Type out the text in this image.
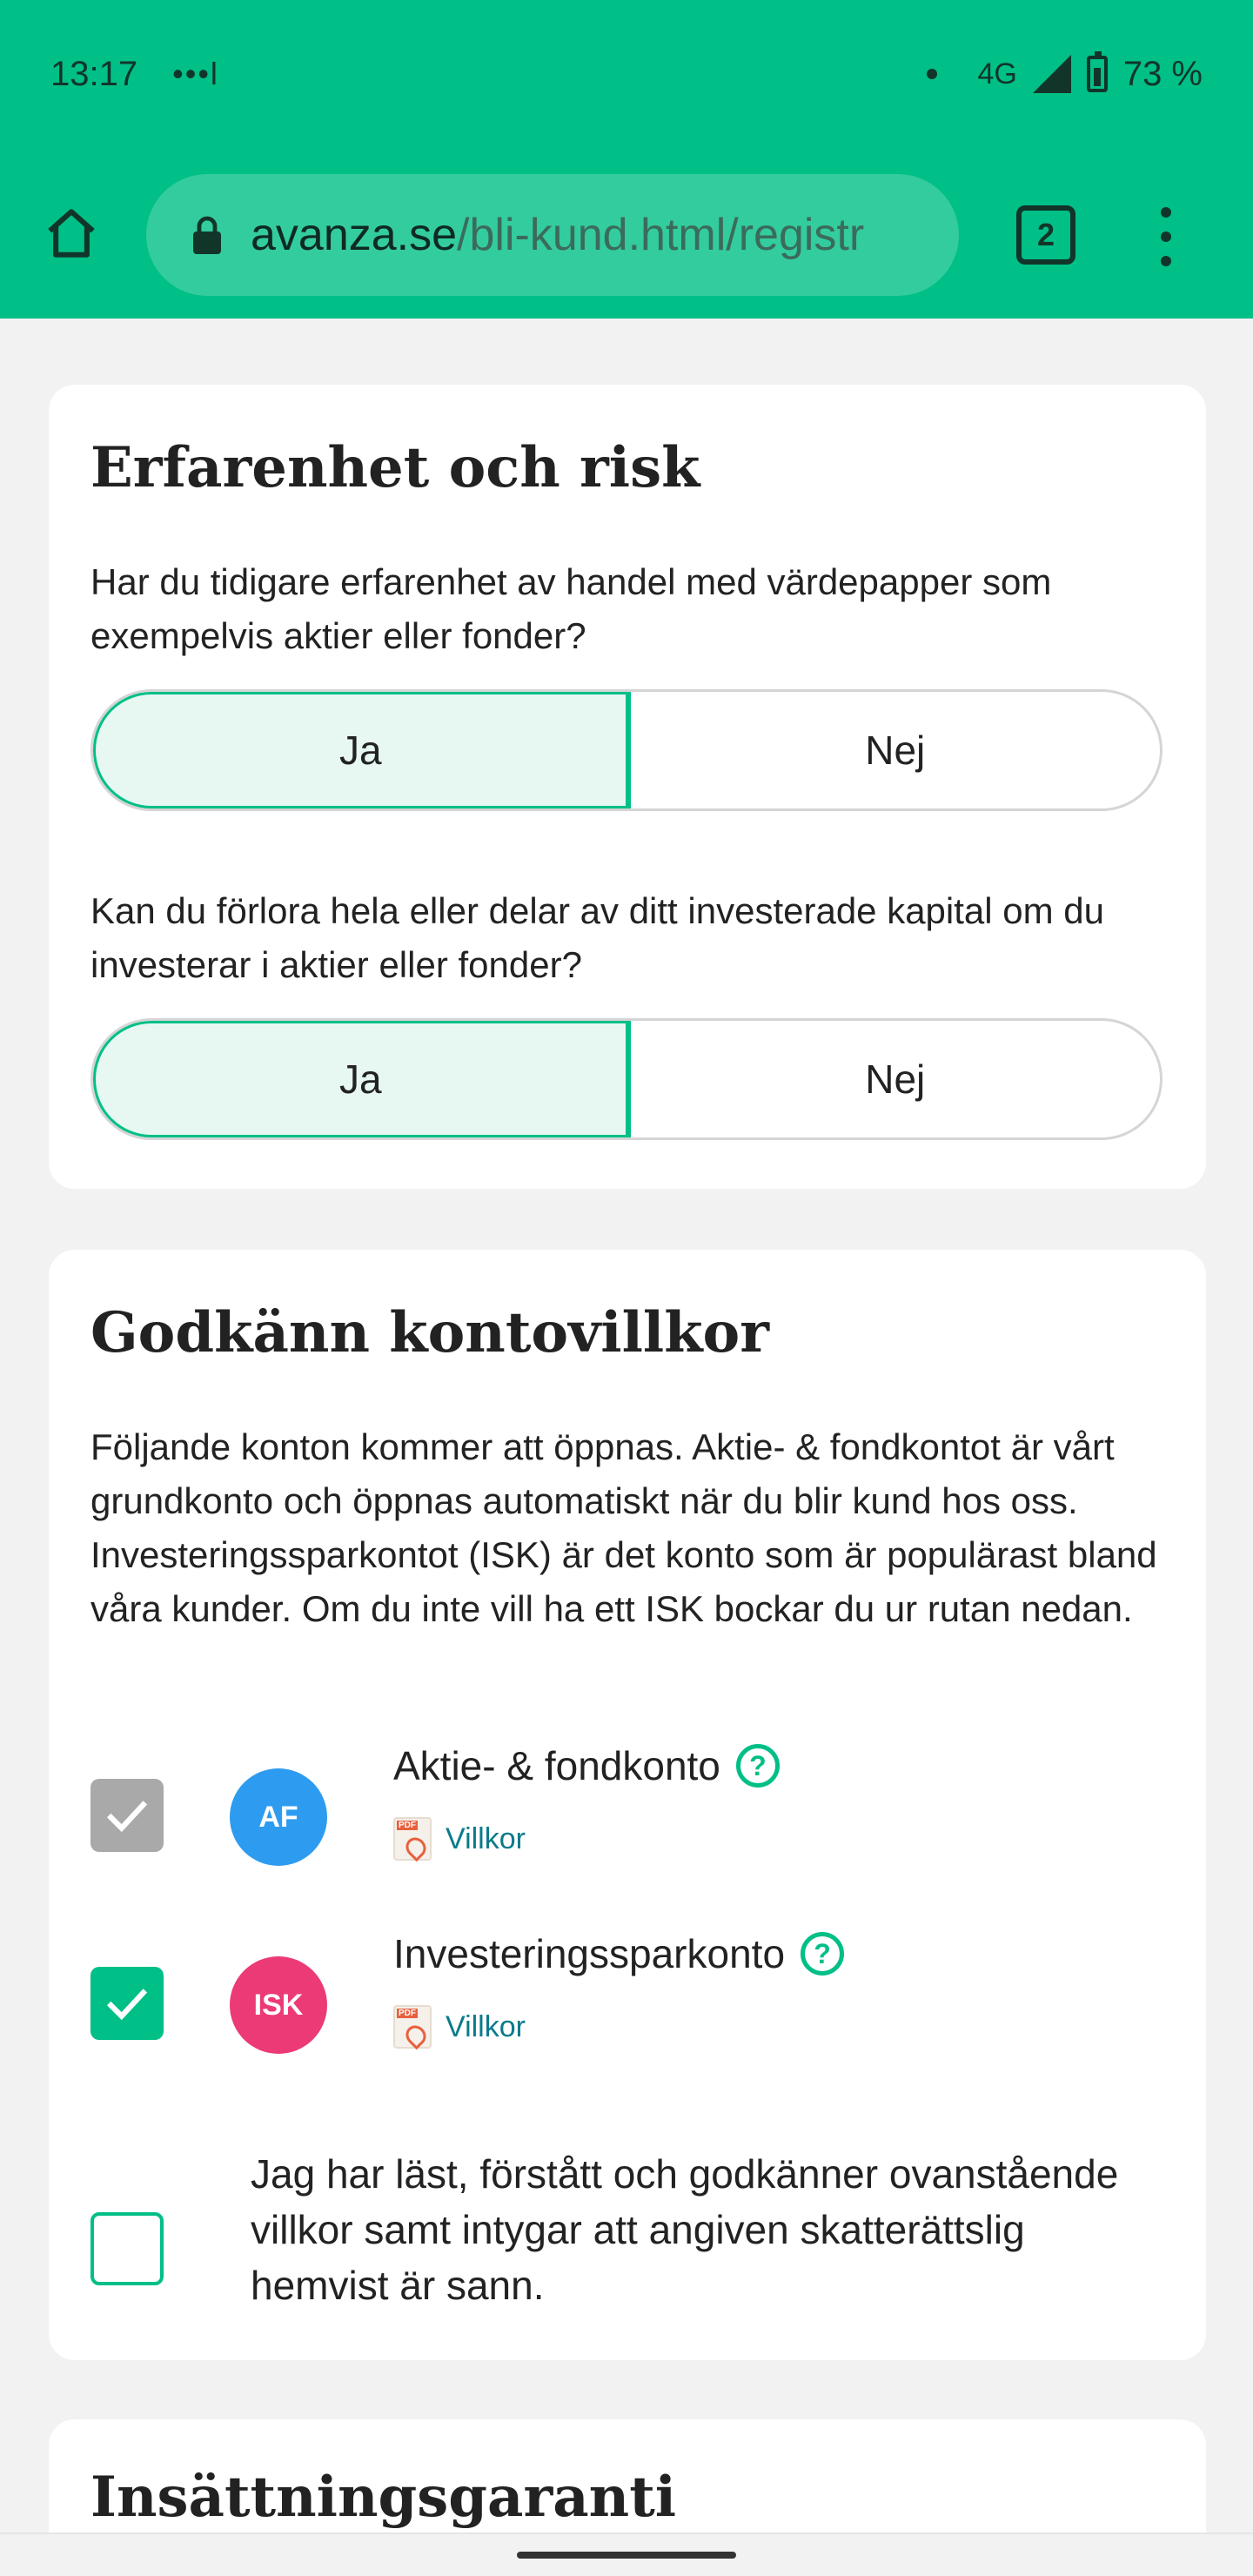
13:17 •••l	4G	73 %
avanza.se/bli-kund.html/registr	2
Erfarenhet och risk

Har du tidigare erfarenhet av handel med värdepapper som exempelvis aktier eller fonder?

Ja	Nej

Kan du förlora hela eller delar av ditt investerade kapital om du investerar i aktier eller fonder?

Ja	Nej
Godkänn kontovillkor

Följande konton kommer att öppnas. Aktie- & fondkontot är vårt grundkonto och öppnas automatiskt när du blir kund hos oss. Investeringssparkontot (ISK) är det konto som är populärast bland våra kunder. Om du inte vill ha ett ISK bockar du ur rutan nedan.

AF
Aktie- & fondkonto	?
PDF
Villkor
ISK
Investeringssparkonto	?
PDF
Villkor
Jag har läst, förstått och godkänner ovanstående villkor samt intygar att angiven skatterättslig hemvist är sann.
Insättningsgaranti
